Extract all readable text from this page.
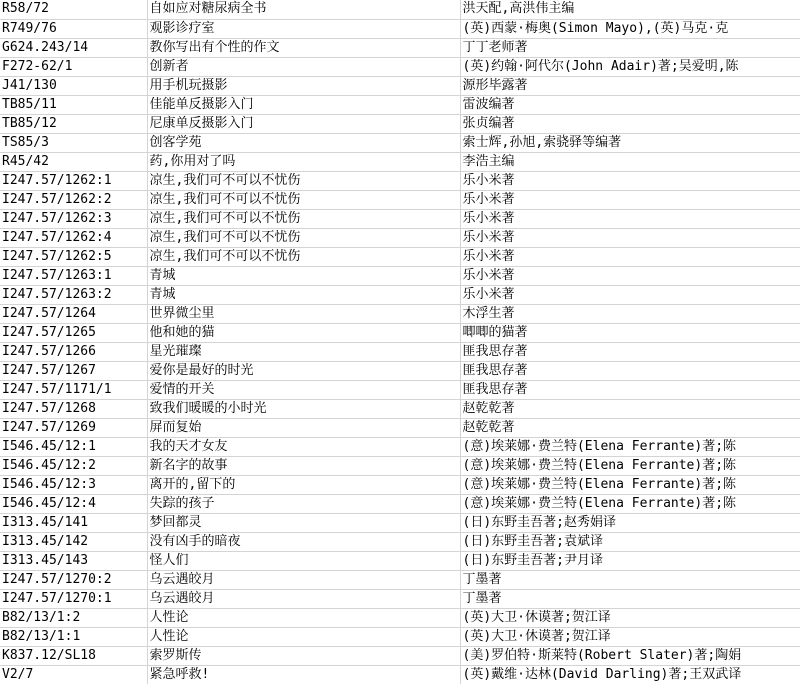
R58/72	自如应对糖尿病全书	洪天配,高洪伟主编
R749/76	观影诊疗室	(英)西蒙·梅奥(Simon Mayo),(英)马克·克
G624.243/14	教你写出有个性的作文	丁丁老师著
F272-62/1	创新者	(英)约翰·阿代尔(John Adair)著;吴爱明,陈
J41/130	用手机玩摄影	源形毕露著
TB85/11	佳能单反摄影入门	雷波编著
TB85/12	尼康单反摄影入门	张贞编著
TS85/3	创客学苑	索士辉,孙旭,索骁驿等编著
R45/42	药,你用对了吗	李浩主编
I247.57/1262:1	凉生,我们可不可以不忧伤	乐小米著
I247.57/1262:2	凉生,我们可不可以不忧伤	乐小米著
I247.57/1262:3	凉生,我们可不可以不忧伤	乐小米著
I247.57/1262:4	凉生,我们可不可以不忧伤	乐小米著
I247.57/1262:5	凉生,我们可不可以不忧伤	乐小米著
I247.57/1263:1	青城	乐小米著
I247.57/1263:2	青城	乐小米著
I247.57/1264	世界微尘里	木浮生著
I247.57/1265	他和她的猫	唧唧的猫著
I247.57/1266	星光璀璨	匪我思存著
I247.57/1267	爱你是最好的时光	匪我思存著
I247.57/1171/1	爱情的开关	匪我思存著
I247.57/1268	致我们暖暖的小时光	赵乾乾著
I247.57/1269	屏而复始	赵乾乾著
I546.45/12:1	我的天才女友	(意)埃莱娜·费兰特(Elena Ferrante)著;陈
I546.45/12:2	新名字的故事	(意)埃莱娜·费兰特(Elena Ferrante)著;陈
I546.45/12:3	离开的,留下的	(意)埃莱娜·费兰特(Elena Ferrante)著;陈
I546.45/12:4	失踪的孩子	(意)埃莱娜·费兰特(Elena Ferrante)著;陈
I313.45/141	梦回都灵	(日)东野圭吾著;赵秀娟译
I313.45/142	没有凶手的暗夜	(日)东野圭吾著;袁斌译
I313.45/143	怪人们	(日)东野圭吾著;尹月译
I247.57/1270:2	乌云遇皎月	丁墨著
I247.57/1270:1	乌云遇皎月	丁墨著
B82/13/1:2	人性论	(英)大卫·休谟著;贺江译
B82/13/1:1	人性论	(英)大卫·休谟著;贺江译
K837.12/SL18	索罗斯传	(美)罗伯特·斯莱特(Robert Slater)著;陶娟
V2/7	紧急呼救!	(英)戴维·达林(David Darling)著;王双武译
